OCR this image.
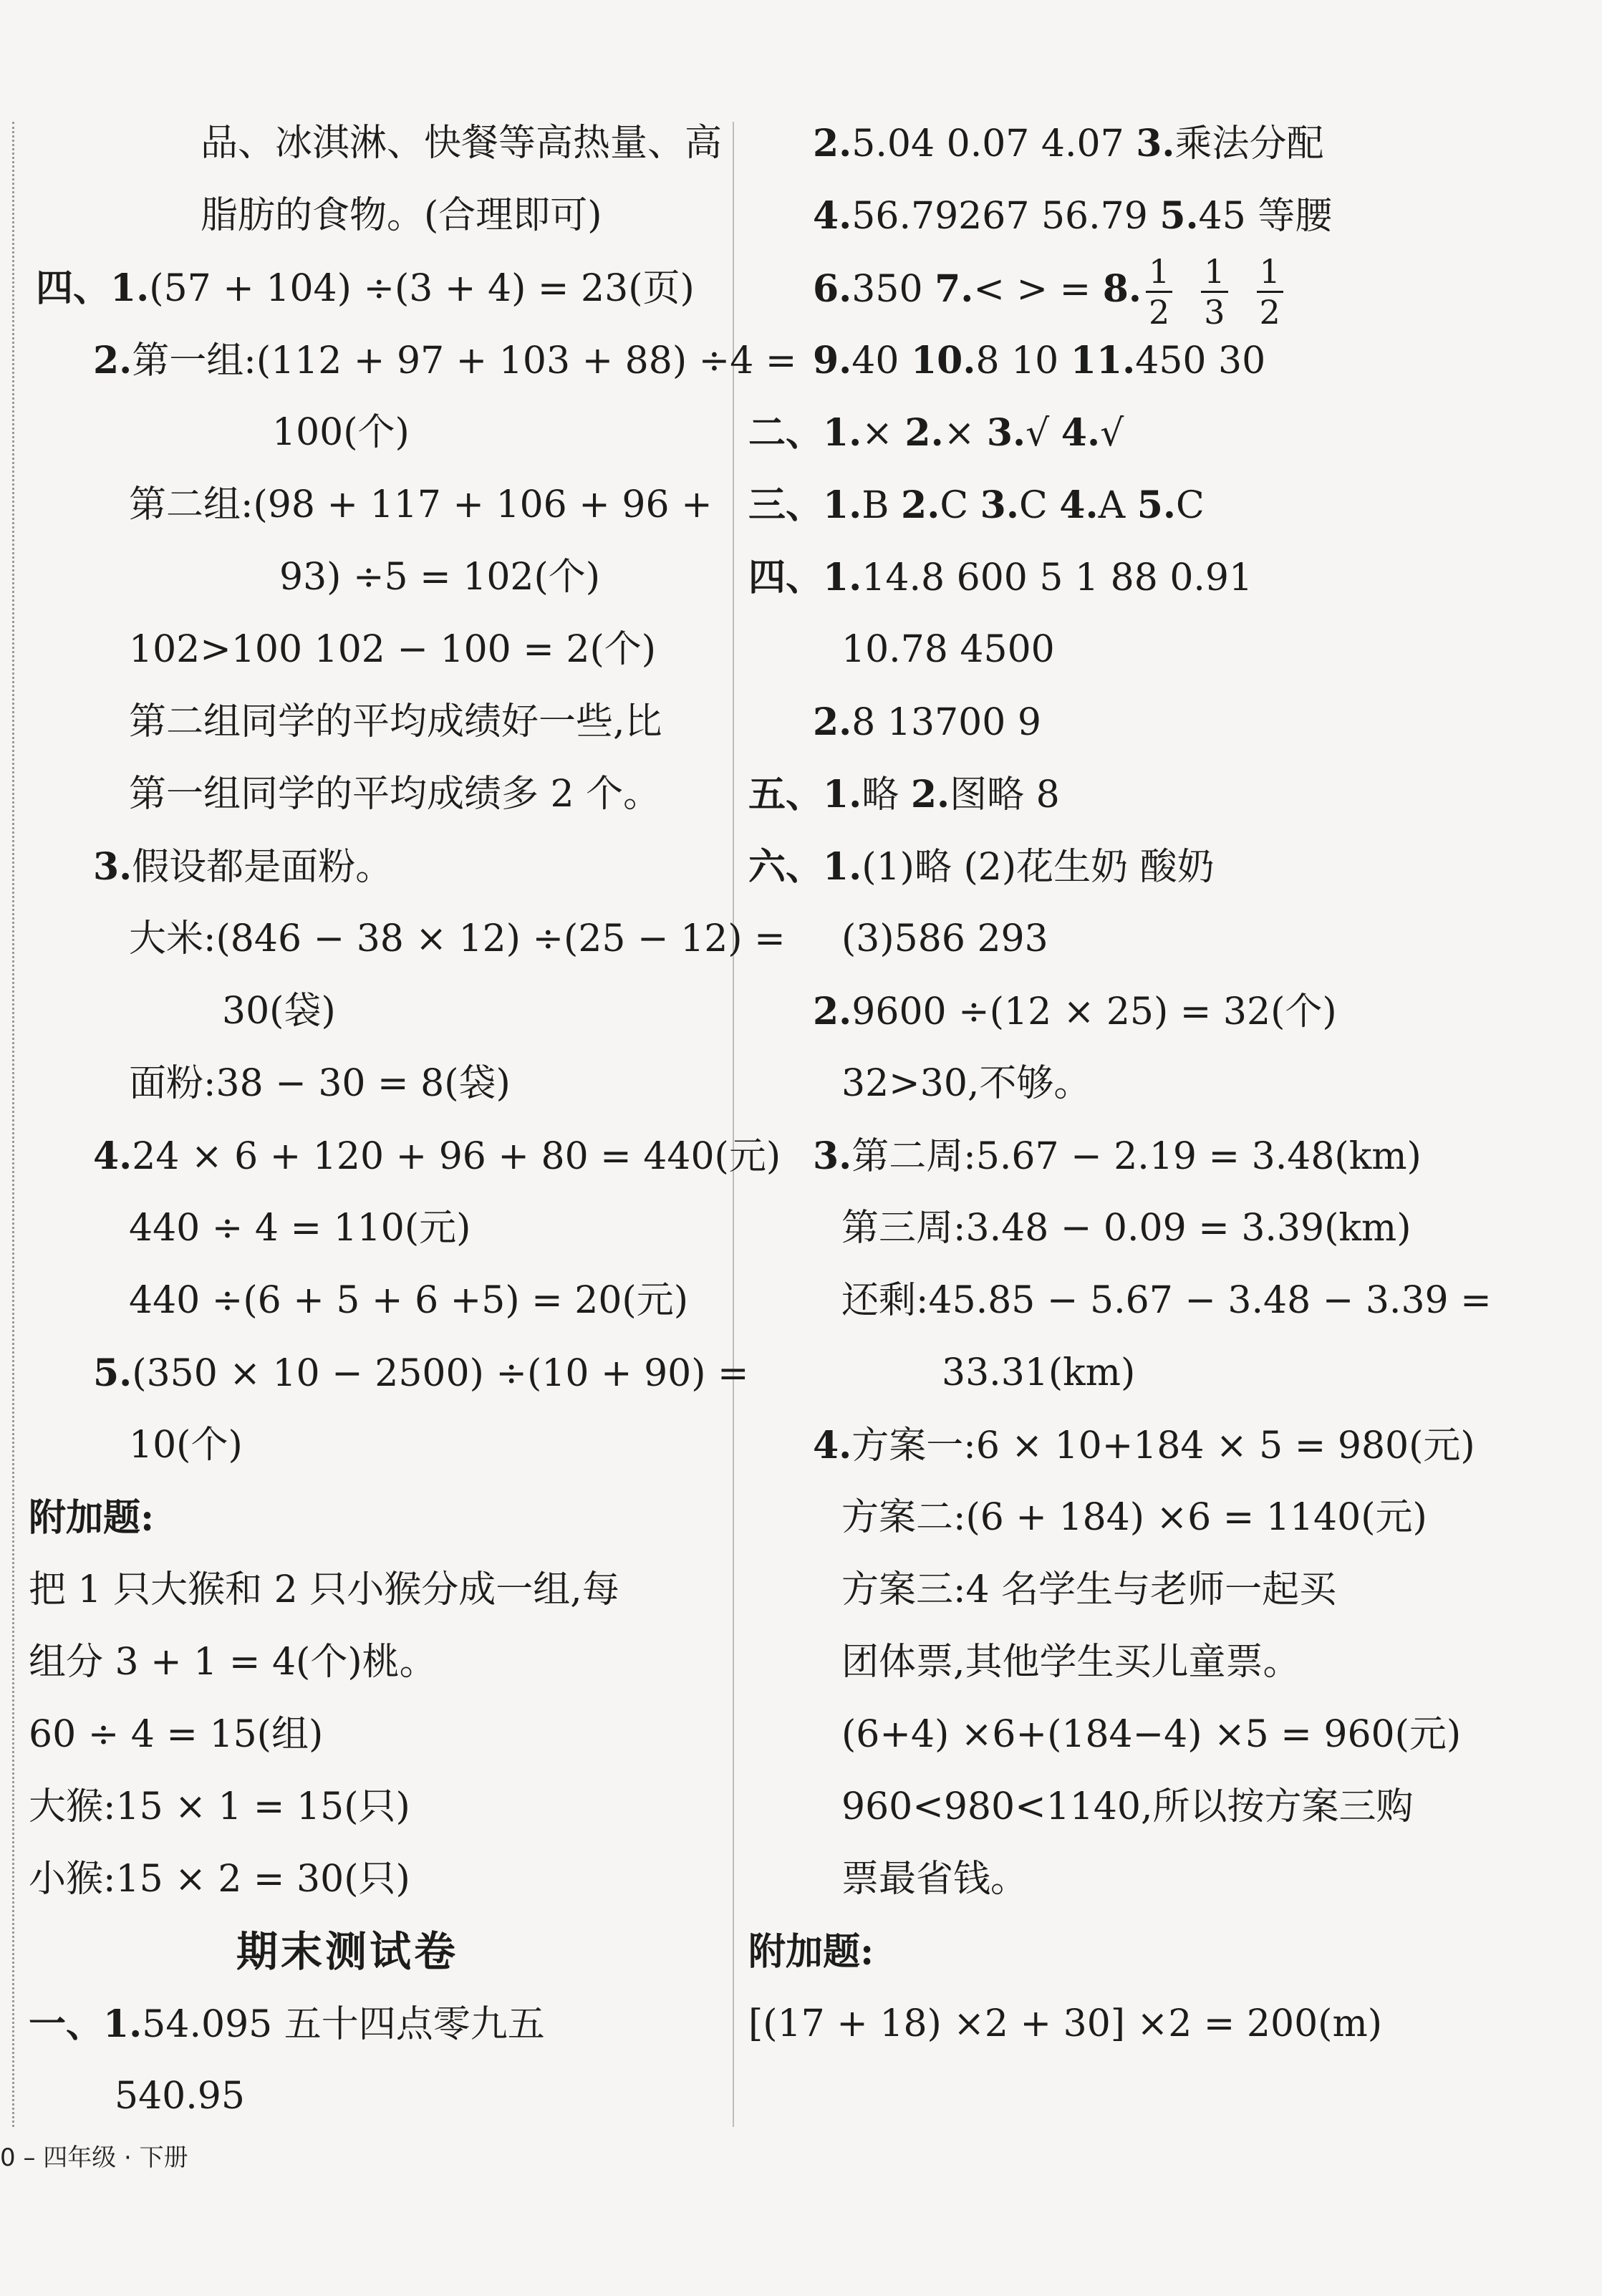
品、冰淇淋、快餐等高热量、高
脂肪的食物。(合理即可)
四、1.(57 + 104) ÷(3 + 4) = 23(页)
2.第一组:(112 + 97 + 103 + 88) ÷4 =
100(个)
第二组:(98 + 117 + 106 + 96 +
93) ÷5 = 102(个)
102>100 102 − 100 = 2(个)
第二组同学的平均成绩好一些,比
第一组同学的平均成绩多 2 个。
3.假设都是面粉。
大米:(846 − 38 × 12) ÷(25 − 12) =
30(袋)
面粉:38 − 30 = 8(袋)
4.24 × 6 + 120 + 96 + 80 = 440(元)
440 ÷ 4 = 110(元)
440 ÷(6 + 5 + 6 +5) = 20(元)
5.(350 × 10 − 2500) ÷(10 + 90) =
10(个)
附加题:
把 1 只大猴和 2 只小猴分成一组,每
组分 3 + 1 = 4(个)桃。
60 ÷ 4 = 15(组)
大猴:15 × 1 = 15(只)
小猴:15 × 2 = 30(只)
期末测试卷
一、1.54.095 五十四点零九五
540.95
2.5.04 0.07 4.07 3.乘法分配
4.56.79267 56.79 5.45 等腰
6.350 7.< > = 8. $\frac{1}{2} \frac{1}{3} \frac{1}{2}$
9.40 10.8 10 11.450 30
二、1.× 2.× 3.√ 4.√
三、1.B 2.C 3.C 4.A 5.C
四、1.14.8 600 5 1 88 0.91
10.78 4500
2.8 13700 9
五、1.略 2.图略 8
六、1.(1)略 (2)花生奶 酸奶
(3)586 293
2.9600 ÷(12 × 25) = 32(个)
32>30,不够。
3.第二周:5.67 − 2.19 = 3.48(km)
第三周:3.48 − 0.09 = 3.39(km)
还剩:45.85 − 5.67 − 3.48 − 3.39 =
33.31(km)
4.方案一:6 × 10+184 × 5 = 980(元)
方案二:(6 + 184) ×6 = 1140(元)
方案三:4 名学生与老师一起买
团体票,其他学生买儿童票。
(6+4) ×6+(184−4) ×5 = 960(元)
960<980<1140,所以按方案三购
票最省钱。
附加题:
[(17 + 18) ×2 + 30] ×2 = 200(m)
0 – 四年级 · 下册
